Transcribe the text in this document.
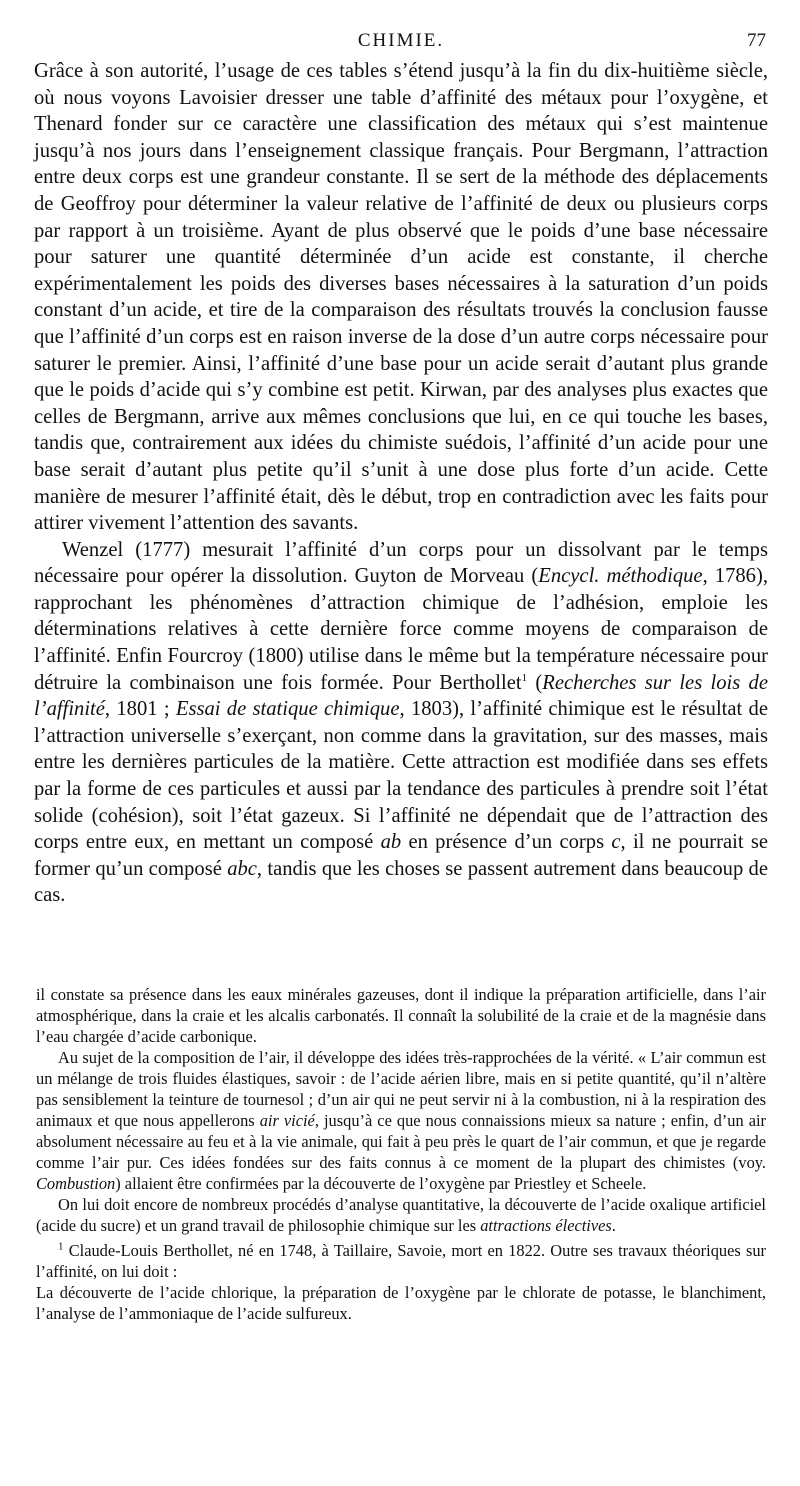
CHIMIE.	77

Grâce à son autorité, l’usage de ces tables s’étend jusqu’à la fin du dix-huitième siècle, où nous voyons Lavoisier dresser une table d’affinité des métaux pour l’oxygène, et Thenard fonder sur ce caractère une classification des métaux qui s’est maintenue jusqu’à nos jours dans l’enseignement classique français. Pour Bergmann, l’attraction entre deux corps est une grandeur constante. Il se sert de la méthode des déplacements de Geoffroy pour déterminer la valeur relative de l’affinité de deux ou plusieurs corps par rapport à un troisième. Ayant de plus observé que le poids d’une base nécessaire pour saturer une quantité déterminée d’un acide est constante, il cherche expérimentalement les poids des diverses bases nécessaires à la saturation d’un poids constant d’un acide, et tire de la comparaison des résultats trouvés la conclusion fausse que l’affinité d’un corps est en raison inverse de la dose d’un autre corps nécessaire pour saturer le premier. Ainsi, l’affinité d’une base pour un acide serait d’autant plus grande que le poids d’acide qui s’y combine est petit. Kirwan, par des analyses plus exactes que celles de Bergmann, arrive aux mêmes conclusions que lui, en ce qui touche les bases, tandis que, contrairement aux idées du chimiste suédois, l’affinité d’un acide pour une base serait d’autant plus petite qu’il s’unit à une dose plus forte d’un acide. Cette manière de mesurer l’affinité était, dès le début, trop en contradiction avec les faits pour attirer vivement l’attention des savants.

Wenzel (1777) mesurait l’affinité d’un corps pour un dissolvant par le temps nécessaire pour opérer la dissolution. Guyton de Morveau (Encycl. méthodique, 1786), rapprochant les phénomènes d’attraction chimique de l’adhésion, emploie les déterminations relatives à cette dernière force comme moyens de comparaison de l’affinité. Enfin Fourcroy (1800) utilise dans le même but la température nécessaire pour détruire la combinaison une fois formée. Pour Berthollet$^1$ (Recherches sur les lois de l’affinité, 1801 ; Essai de statique chimique, 1803), l’affinité chimique est le résultat de l’attraction universelle s’exerçant, non comme dans la gravitation, sur des masses, mais entre les dernières particules de la matière. Cette attraction est modifiée dans ses effets par la forme de ces particules et aussi par la tendance des particules à prendre soit l’état solide (cohésion), soit l’état gazeux. Si l’affinité ne dépendait que de l’attraction des corps entre eux, en mettant un composé ab en présence d’un corps c, il ne pourrait se former qu’un composé abc, tandis que les choses se passent autrement dans beaucoup de cas.

il constate sa présence dans les eaux minérales gazeuses, dont il indique la préparation artificielle, dans l’air atmosphérique, dans la craie et les alcalis carbonatés. Il connaît la solubilité de la craie et de la magnésie dans l’eau chargée d’acide carbonique.

Au sujet de la composition de l’air, il développe des idées très-rapprochées de la vérité. « L’air commun est un mélange de trois fluides élastiques, savoir : de l’acide aérien libre, mais en si petite quantité, qu’il n’altère pas sensiblement la teinture de tournesol ; d’un air qui ne peut servir ni à la combustion, ni à la respiration des animaux et que nous appellerons air vicié, jusqu’à ce que nous connaissions mieux sa nature ; enfin, d’un air absolument nécessaire au feu et à la vie animale, qui fait à peu près le quart de l’air commun, et que je regarde comme l’air pur. Ces idées fondées sur des faits connus à ce moment de la plupart des chimistes (voy. Combustion) allaient être confirmées par la découverte de l’oxygène par Priestley et Scheele.

On lui doit encore de nombreux procédés d’analyse quantitative, la découverte de l’acide oxalique artificiel (acide du sucre) et un grand travail de philosophie chimique sur les attractions électives.

$^1$ Claude-Louis Berthollet, né en 1748, à Taillaire, Savoie, mort en 1822. Outre ses travaux théoriques sur l’affinité, on lui doit :

La découverte de l’acide chlorique, la préparation de l’oxygène par le chlorate de potasse, le blanchiment, l’analyse de l’ammoniaque de l’acide sulfureux.
